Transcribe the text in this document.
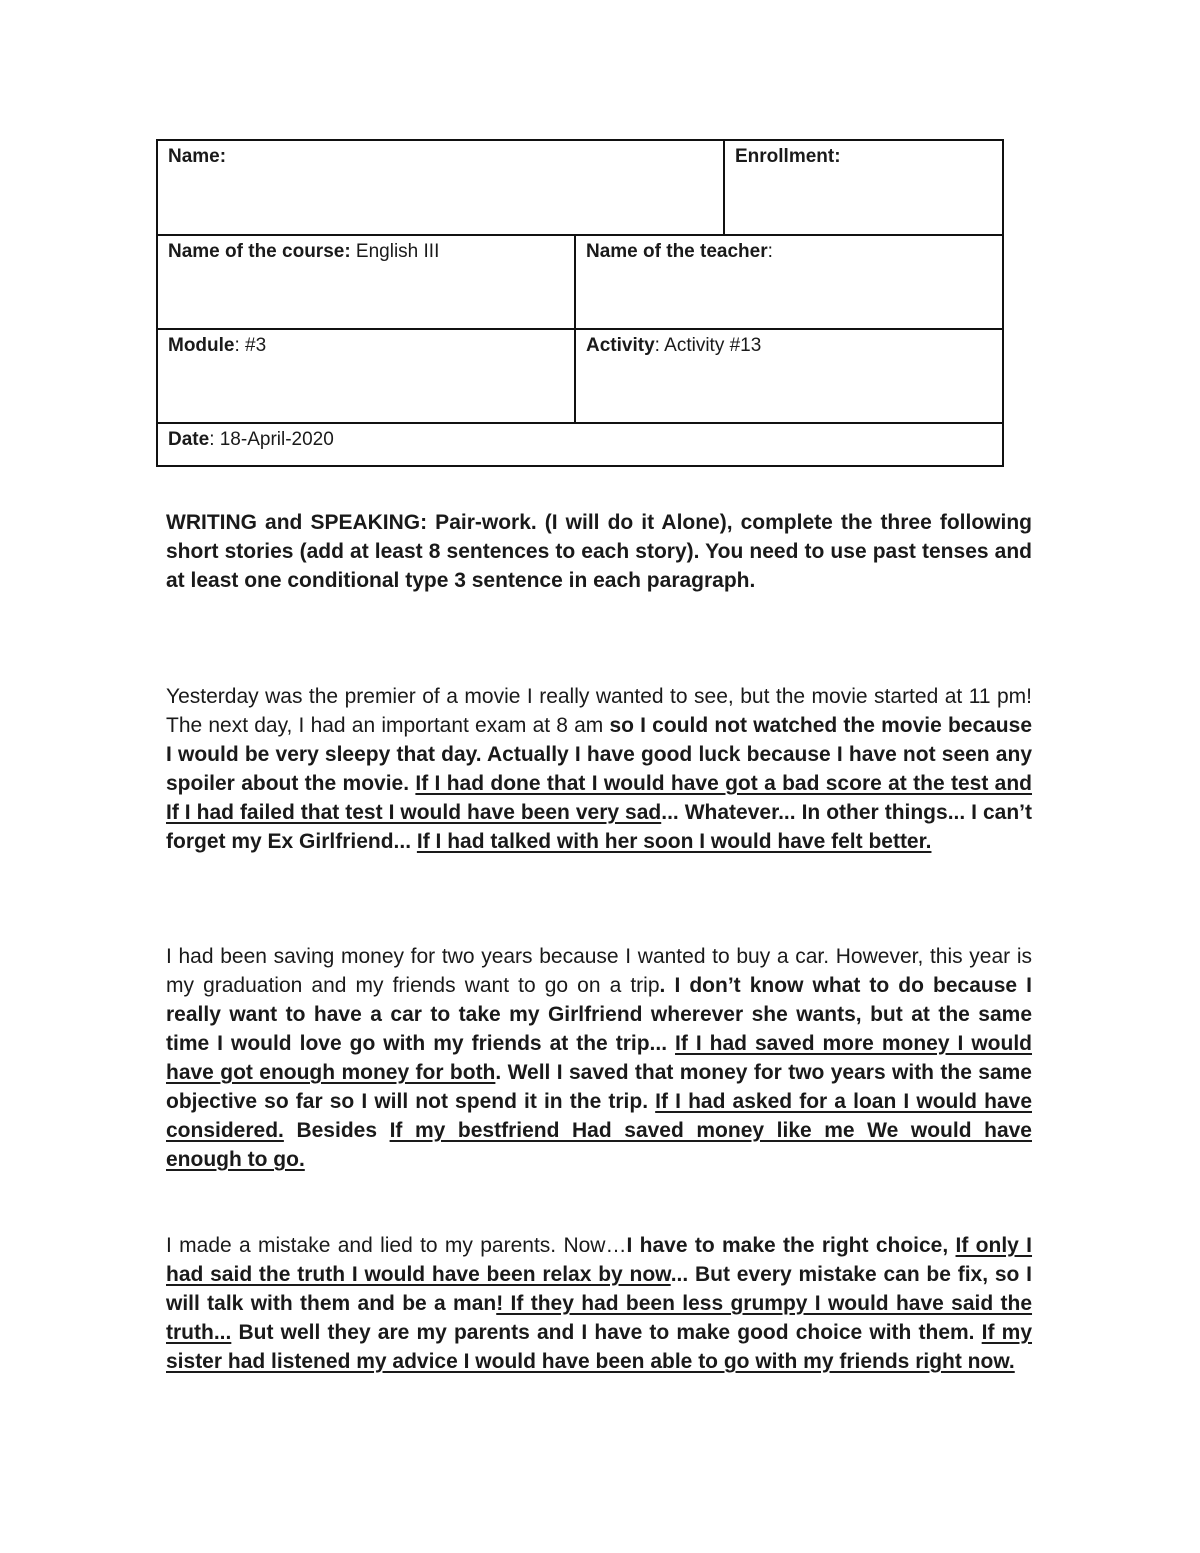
Name:	Enrollment:
Name of the course: English III	Name of the teacher:
Module: #3	Activity: Activity #13
Date: 18-April-2020
WRITING and SPEAKING: Pair-work. (I will do it Alone), complete the three following short stories (add at least 8 sentences to each story). You need to use past tenses and at least one conditional type 3 sentence in each paragraph.
Yesterday was the premier of a movie I really wanted to see, but the movie started at 11 pm! The next day, I had an important exam at 8 am so I could not watched the movie because I would be very sleepy that day. Actually I have good luck because I have not seen any spoiler about the movie. If I had done that I would have got a bad score at the test and If I had failed that test I would have been very sad... Whatever... In other things... I can’t forget my Ex Girlfriend... If I had talked with her soon I would have felt better.
I had been saving money for two years because I wanted to buy a car. However, this year is my graduation and my friends want to go on a trip. I don’t know what to do because I really want to have a car to take my Girlfriend wherever she wants, but at the same time I would love go with my friends at the trip... If I had saved more money I would have got enough money for both. Well I saved that money for two years with the same objective so far so I will not spend it in the trip. If I had asked for a loan I would have considered. Besides If my bestfriend Had saved money like me We would have enough to go.
I made a mistake and lied to my parents. Now…I have to make the right choice, If only I had said the truth I would have been relax by now... But every mistake can be fix, so I will talk with them and be a man! If they had been less grumpy I would have said the truth... But well they are my parents and I have to make good choice with them. If my sister had listened my advice I would have been able to go with my friends right now.
